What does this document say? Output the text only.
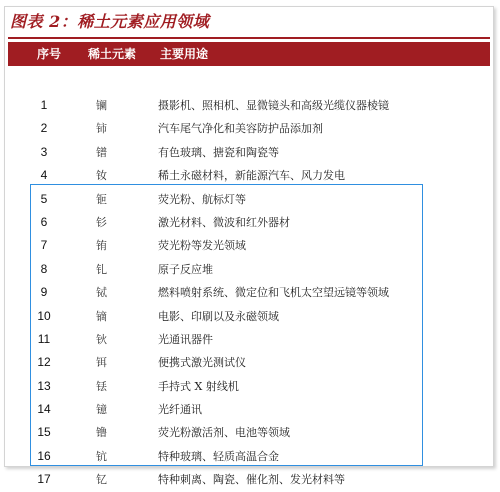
图表 2：稀土元素应用领域
序号 稀土元素 主要用途
1	镧	摄影机、照相机、显微镜头和高级光缆仪器棱镜
2	铈	汽车尾气净化和美容防护品添加剂
3	镨	有色玻璃、搪瓷和陶瓷等
4	钕	稀土永磁材料，新能源汽车、风力发电
5	钷	荧光粉、航标灯等
6	钐	激光材料、微波和红外器材
7	铕	荧光粉等发光领域
8	钆	原子反应堆
9	铽	燃料喷射系统、微定位和飞机太空望远镜等领域
10	镝	电影、印刷以及永磁领域
11	钬	光通讯器件
12	铒	便携式激光测试仪
13	铥	手持式 X 射线机
14	镱	光纤通讯
15	镥	荧光粉激活剂、电池等领域
16	钪	特种玻璃、轻质高温合金
17	钇	特种刺离、陶瓷、催化剂、发光材料等
